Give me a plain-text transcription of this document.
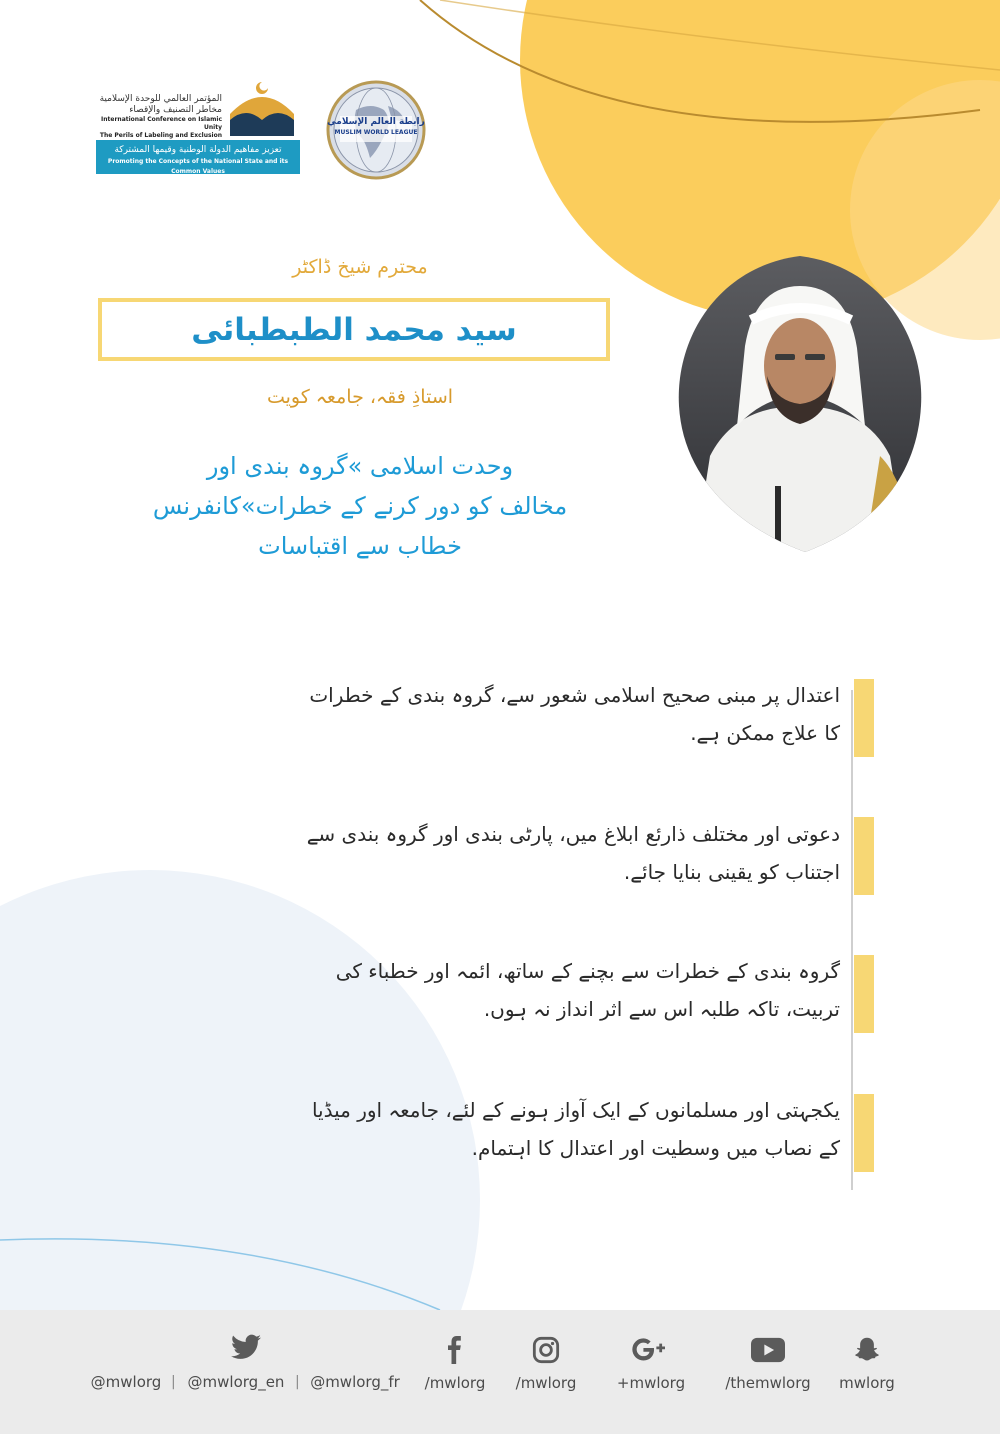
المؤتمر العالمي للوحدة الإسلامية
مخاطر التصنيف والإقصاء
International Conference on Islamic Unity
The Perils of Labeling and Exclusion
تعزيز مفاهيم الدولة الوطنية وقيمها المشتركة
Promoting the Concepts of the National State and its Common Values
رابطة العالم الإسلامي
MUSLIM WORLD LEAGUE
محترم شیخ ڈاکٹر
سید محمد الطبطبائی
استاذِ فقہ، جامعہ کویت
وحدت اسلامی »گروہ بندی اور
مخالف کو دور کرنے کے خطرات»کانفرنس
خطاب سے اقتباسات
اعتدال پر مبنی صحیح اسلامی شعور سے، گروہ بندی کے خطرات
کا علاج ممکن ہے.
دعوتی اور مختلف ذارئع ابلاغ میں، پارٹی بندی اور گروہ بندی سے
اجتناب کو یقینی بنایا جائے.
گروہ بندی کے خطرات سے بچنے کے ساتھ، ائمہ اور خطباء کی
تربیت، تاکہ طلبہ اس سے اثر انداز نہ ہوں.
یکجہتی اور مسلمانوں کے ایک آواز ہونے کے لئے، جامعہ اور میڈیا
کے نصاب میں وسطیت اور اعتدال کا اہتمام.
@mwlorg | @mwlorg_en | @mwlorg_fr	/mwlorg	/mwlorg	+mwlorg	/themwlorg	mwlorg
